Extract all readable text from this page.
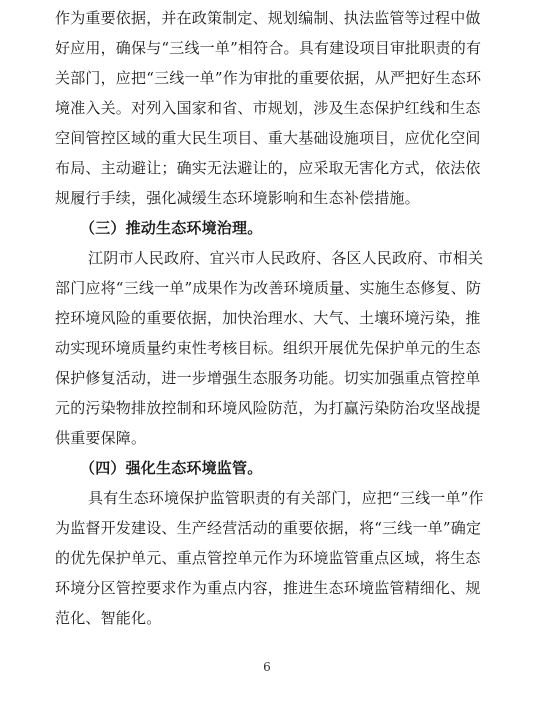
作为重要依据，并在政策制定、规划编制、执法监管等过程中做
好应用，确保与“三线一单”相符合。具有建设项目审批职责的有
关部门，应把“三线一单”作为审批的重要依据，从严把好生态环
境准入关。对列入国家和省、市规划，涉及生态保护红线和生态
空间管控区域的重大民生项目、重大基础设施项目，应优化空间
布局、主动避让；确实无法避让的，应采取无害化方式，依法依
规履行手续，强化减缓生态环境影响和生态补偿措施。
（三）推动生态环境治理。
江阴市人民政府、宜兴市人民政府、各区人民政府、市相关
部门应将“三线一单”成果作为改善环境质量、实施生态修复、防
控环境风险的重要依据，加快治理水、大气、土壤环境污染，推
动实现环境质量约束性考核目标。组织开展优先保护单元的生态
保护修复活动，进一步增强生态服务功能。切实加强重点管控单
元的污染物排放控制和环境风险防范，为打赢污染防治攻坚战提
供重要保障。
（四）强化生态环境监管。
具有生态环境保护监管职责的有关部门，应把“三线一单”作
为监督开发建设、生产经营活动的重要依据，将“三线一单”确定
的优先保护单元、重点管控单元作为环境监管重点区域，将生态
环境分区管控要求作为重点内容，推进生态环境监管精细化、规
范化、智能化。
6
